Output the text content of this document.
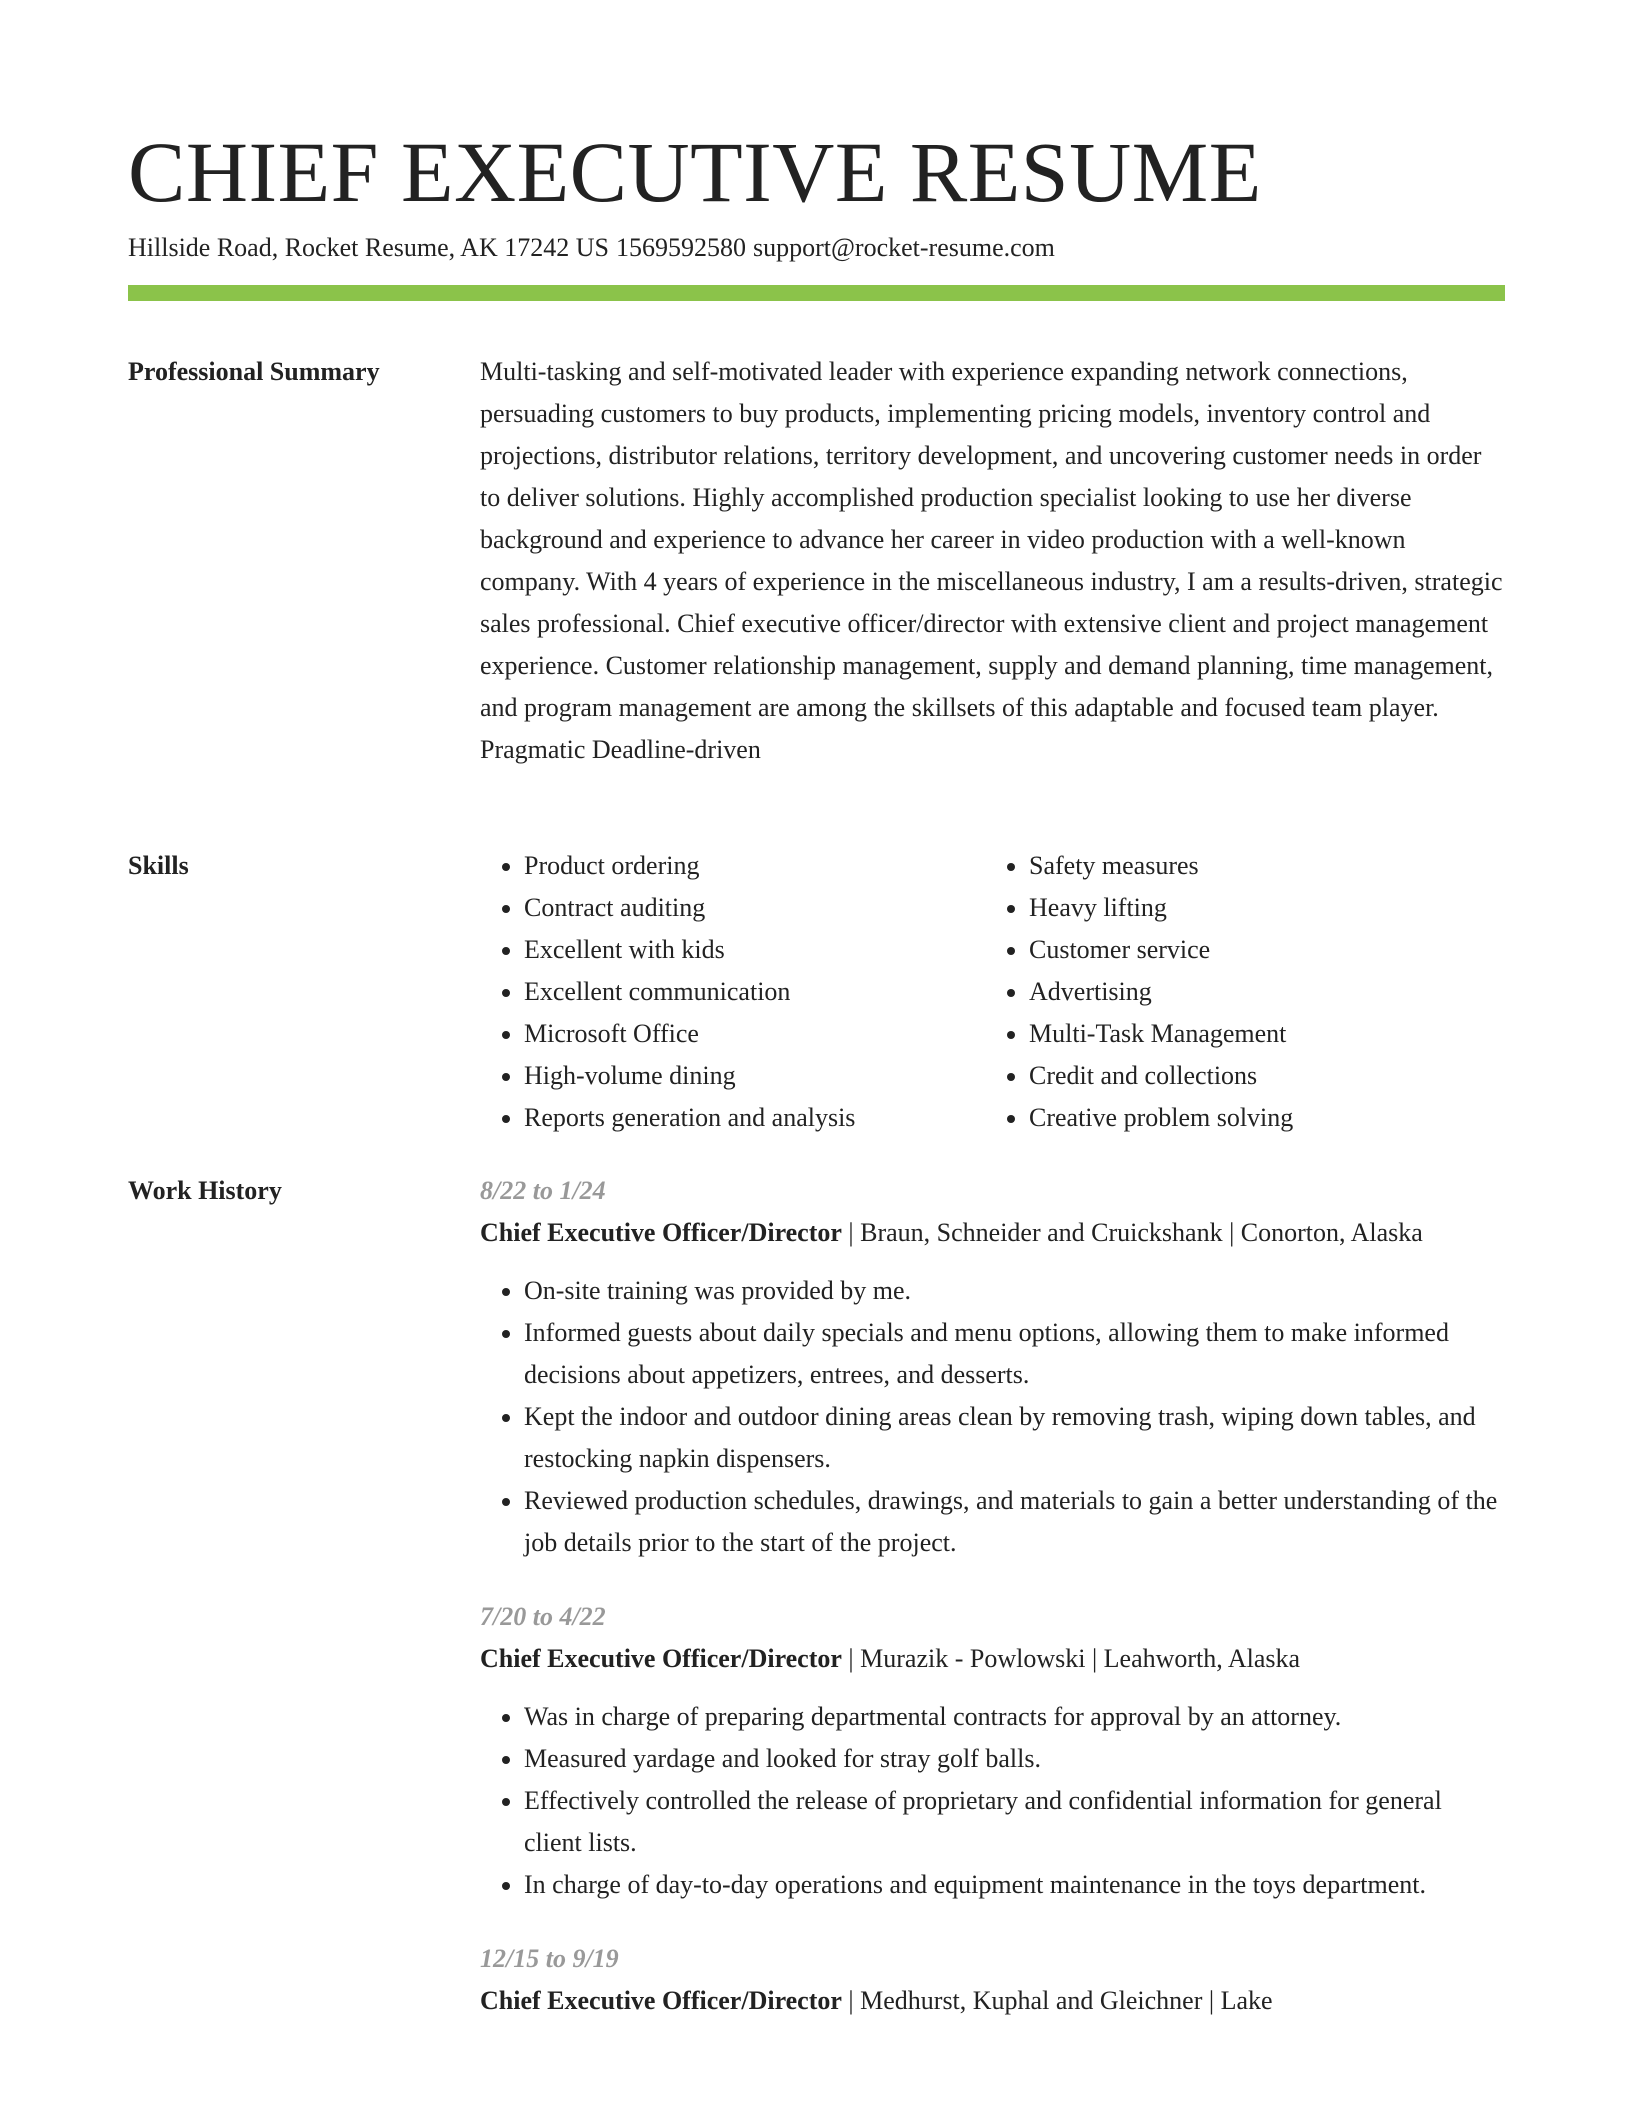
CHIEF EXECUTIVE RESUME
Hillside Road, Rocket Resume, AK 17242 US 1569592580 support@rocket-resume.com
Professional Summary	Multi-tasking and self-motivated leader with experience expanding network connections, persuading customers to buy products, implementing pricing models, inventory control and projections, distributor relations, territory development, and uncovering customer needs in order to deliver solutions. Highly accomplished production specialist looking to use her diverse background and experience to advance her career in video production with a well-known company. With 4 years of experience in the miscellaneous industry, I am a results-driven, strategic sales professional. Chief executive officer/director with extensive client and project management experience. Customer relationship management, supply and demand planning, time management, and program management are among the skillsets of this adaptable and focused team player. Pragmatic Deadline-driven

Skills
•	Product ordering
• Contract auditing
• Excellent with kids
• Excellent communication
• Microsoft Office
• High-volume dining
• Reports generation and analysis
• Safety measures
• Heavy lifting
• Customer service
• Advertising
• Multi-Task Management
• Credit and collections
• Creative problem solving
Work History	8/22 to 1/24
Chief Executive Officer/Director | Braun, Schneider and Cruickshank | Conorton, Alaska
• On-site training was provided by me.
• Informed guests about daily specials and menu options, allowing them to make informed decisions about appetizers, entrees, and desserts.
• Kept the indoor and outdoor dining areas clean by removing trash, wiping down tables, and restocking napkin dispensers.
• Reviewed production schedules, drawings, and materials to gain a better understanding of the job details prior to the start of the project.
7/20 to 4/22
Chief Executive Officer/Director | Murazik - Powlowski | Leahworth, Alaska
• Was in charge of preparing departmental contracts for approval by an attorney.
• Measured yardage and looked for stray golf balls.
• Effectively controlled the release of proprietary and confidential information for general client lists.
• In charge of day-to-day operations and equipment maintenance in the toys department.
12/15 to 9/19
Chief Executive Officer/Director | Medhurst, Kuphal and Gleichner | Lake
